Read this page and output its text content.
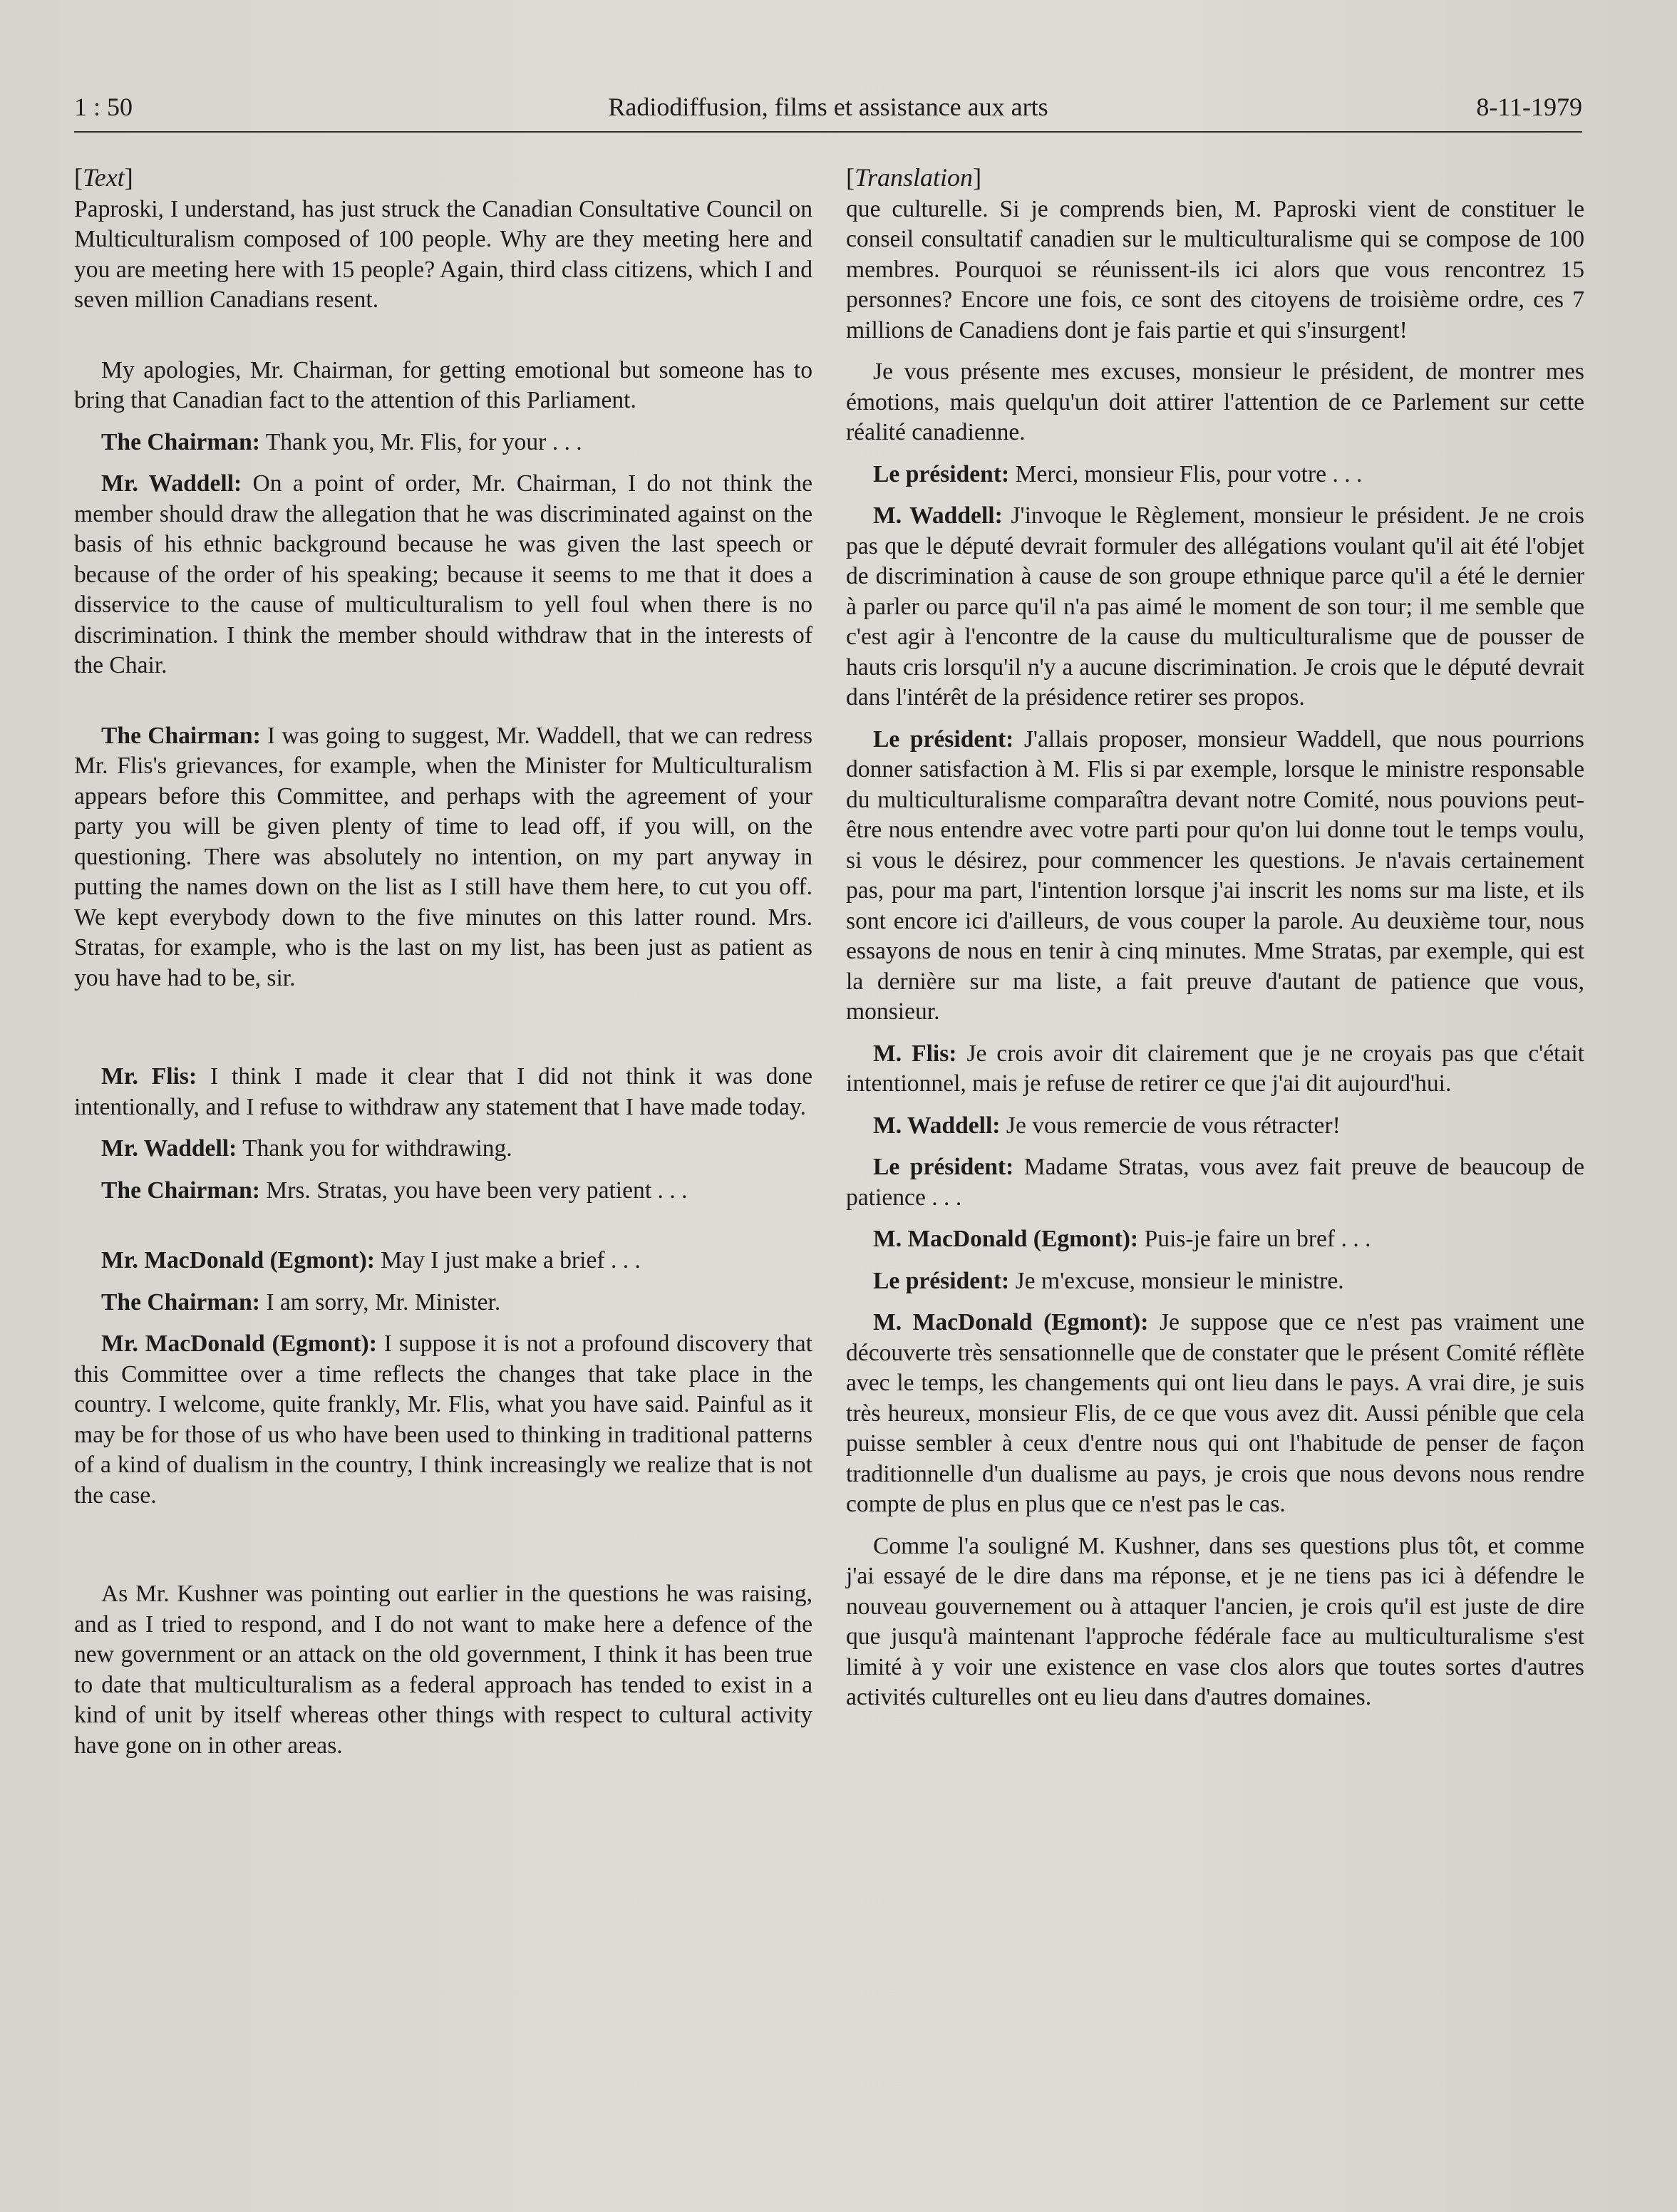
1 : 50	Radiodiffusion, films et assistance aux arts	8-11-1979
[Text]

Paproski, I understand, has just struck the Canadian Consultative Council on Multiculturalism composed of 100 people. Why are they meeting here and you are meeting here with 15 people? Again, third class citizens, which I and seven million Canadians resent.

My apologies, Mr. Chairman, for getting emotional but someone has to bring that Canadian fact to the attention of this Parliament.

The Chairman: Thank you, Mr. Flis, for your . . .

Mr. Waddell: On a point of order, Mr. Chairman, I do not think the member should draw the allegation that he was discriminated against on the basis of his ethnic background because he was given the last speech or because of the order of his speaking; because it seems to me that it does a disservice to the cause of multiculturalism to yell foul when there is no discrimination. I think the member should withdraw that in the interests of the Chair.

The Chairman: I was going to suggest, Mr. Waddell, that we can redress Mr. Flis's grievances, for example, when the Minister for Multiculturalism appears before this Committee, and perhaps with the agreement of your party you will be given plenty of time to lead off, if you will, on the questioning. There was absolutely no intention, on my part anyway in putting the names down on the list as I still have them here, to cut you off. We kept everybody down to the five minutes on this latter round. Mrs. Stratas, for example, who is the last on my list, has been just as patient as you have had to be, sir.

Mr. Flis: I think I made it clear that I did not think it was done intentionally, and I refuse to withdraw any statement that I have made today.

Mr. Waddell: Thank you for withdrawing.

The Chairman: Mrs. Stratas, you have been very patient . . .

Mr. MacDonald (Egmont): May I just make a brief . . .

The Chairman: I am sorry, Mr. Minister.

Mr. MacDonald (Egmont): I suppose it is not a profound discovery that this Committee over a time reflects the changes that take place in the country. I welcome, quite frankly, Mr. Flis, what you have said. Painful as it may be for those of us who have been used to thinking in traditional patterns of a kind of dualism in the country, I think increasingly we realize that is not the case.

As Mr. Kushner was pointing out earlier in the questions he was raising, and as I tried to respond, and I do not want to make here a defence of the new government or an attack on the old government, I think it has been true to date that multiculturalism as a federal approach has tended to exist in a kind of unit by itself whereas other things with respect to cultural activity have gone on in other areas.

[Translation]

que culturelle. Si je comprends bien, M. Paproski vient de constituer le conseil consultatif canadien sur le multiculturalisme qui se compose de 100 membres. Pourquoi se réunissent-ils ici alors que vous rencontrez 15 personnes? Encore une fois, ce sont des citoyens de troisième ordre, ces 7 millions de Canadiens dont je fais partie et qui s'insurgent!

Je vous présente mes excuses, monsieur le président, de montrer mes émotions, mais quelqu'un doit attirer l'attention de ce Parlement sur cette réalité canadienne.

Le président: Merci, monsieur Flis, pour votre . . .

M. Waddell: J'invoque le Règlement, monsieur le président. Je ne crois pas que le député devrait formuler des allégations voulant qu'il ait été l'objet de discrimination à cause de son groupe ethnique parce qu'il a été le dernier à parler ou parce qu'il n'a pas aimé le moment de son tour; il me semble que c'est agir à l'encontre de la cause du multiculturalisme que de pousser de hauts cris lorsqu'il n'y a aucune discrimination. Je crois que le député devrait dans l'intérêt de la présidence retirer ses propos.

Le président: J'allais proposer, monsieur Waddell, que nous pourrions donner satisfaction à M. Flis si par exemple, lorsque le ministre responsable du multiculturalisme comparaîtra devant notre Comité, nous pouvions peut-être nous entendre avec votre parti pour qu'on lui donne tout le temps voulu, si vous le désirez, pour commencer les questions. Je n'avais certainement pas, pour ma part, l'intention lorsque j'ai inscrit les noms sur ma liste, et ils sont encore ici d'ailleurs, de vous couper la parole. Au deuxième tour, nous essayons de nous en tenir à cinq minutes. Mme Stratas, par exemple, qui est la dernière sur ma liste, a fait preuve d'autant de patience que vous, monsieur.

M. Flis: Je crois avoir dit clairement que je ne croyais pas que c'était intentionnel, mais je refuse de retirer ce que j'ai dit aujourd'hui.

M. Waddell: Je vous remercie de vous rétracter!

Le président: Madame Stratas, vous avez fait preuve de beaucoup de patience . . .

M. MacDonald (Egmont): Puis-je faire un bref . . .

Le président: Je m'excuse, monsieur le ministre.

M. MacDonald (Egmont): Je suppose que ce n'est pas vraiment une découverte très sensationnelle que de constater que le présent Comité réflète avec le temps, les changements qui ont lieu dans le pays. A vrai dire, je suis très heureux, monsieur Flis, de ce que vous avez dit. Aussi pénible que cela puisse sembler à ceux d'entre nous qui ont l'habitude de penser de façon traditionnelle d'un dualisme au pays, je crois que nous devons nous rendre compte de plus en plus que ce n'est pas le cas.

Comme l'a souligné M. Kushner, dans ses questions plus tôt, et comme j'ai essayé de le dire dans ma réponse, et je ne tiens pas ici à défendre le nouveau gouvernement ou à attaquer l'ancien, je crois qu'il est juste de dire que jusqu'à maintenant l'approche fédérale face au multiculturalisme s'est limité à y voir une existence en vase clos alors que toutes sortes d'autres activités culturelles ont eu lieu dans d'autres domaines.
